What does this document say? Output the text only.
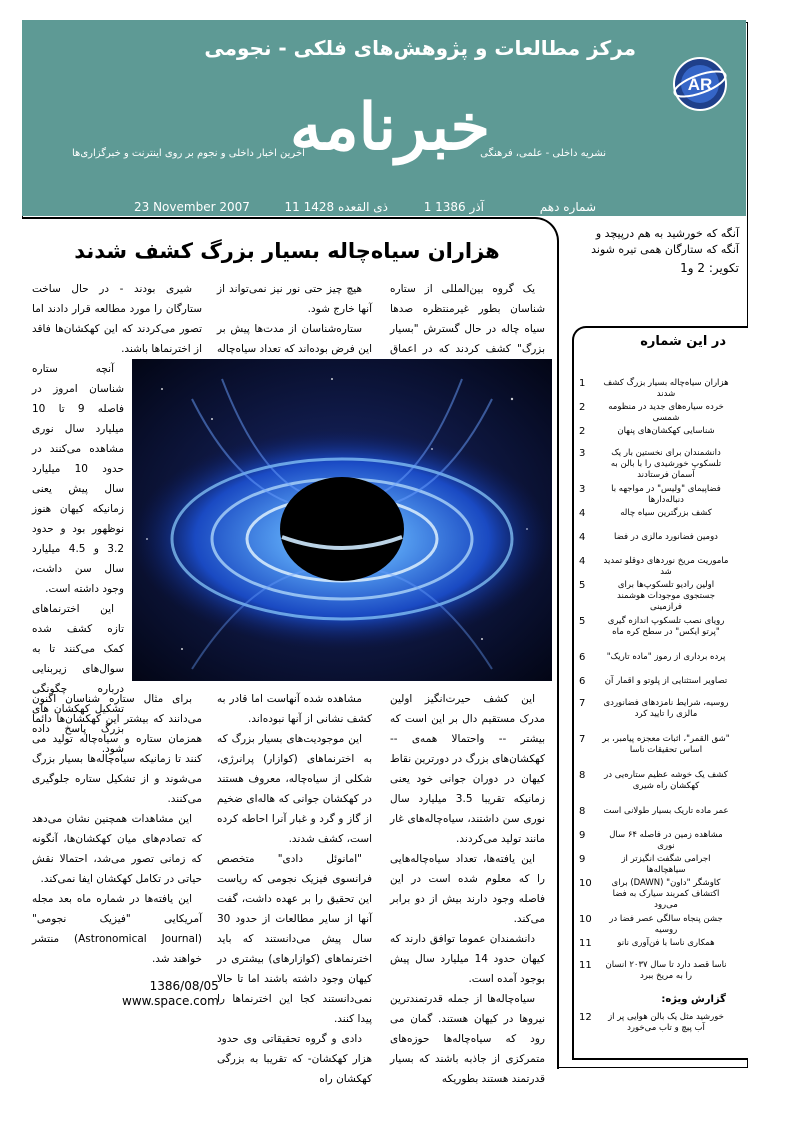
AR
مرکز مطالعات و پژوهش‌های فلکی - نجومی
خبرنامه
نشریه داخلی - علمی، فرهنگی
آخرین اخبار داخلی و نجوم بر روی اینترنت و خبرگزاری‌ها
شماره دهم
1 آذر 1386
11 ذی القعده 1428
23 November 2007
آنگه که خورشید به هم درپیچد و
آنگه که ستارگان همی تیره شوند
تکویر: 2 و1
هزاران سیاه‌چاله بسیار بزرگ کشف شدند

یک گروه بین‌المللی از ستاره شناسان بطور غیرمنتظره صدها سیاه چاله در حال گسترش "بسیار بزرگ" کشف کردند که در اعماق

هیچ چیز حتی نور نیز نمی‌تواند از آنها خارج شود.

ستاره‌شناسان از مدت‌ها پیش بر این فرض بوده‌اند که تعداد سیاه‌چاله

شیری بودند - در حال ساخت ستارگان را مورد مطالعه قرار دادند اما تصور می‌کردند که این کهکشان‌ها فاقد از اخترنماها باشند.

آنچه ستاره شناسان امروز در فاصله 9 تا 10 میلیارد سال نوری مشاهده می‌کنند در حدود 10 میلیارد سال پیش یعنی زمانیکه کیهان هنوز نوظهور بود و حدود 3.2 و 4.5 میلیارد سال سن داشت، وجود داشته است.

این اخترنماهای تازه کشف شده کمک می‌کنند تا به سوال‌های زیربنایی درباره چگونگی تشکیل کهکشان های بزرگ پاسخ داده شود.

این کشف حیرت‌انگیز اولین مدرک مستقیم دال بر این است که بیشتر -- واحتمالا همه‌ی -- کهکشان‌های بزرگ در دورترین نقاط کیهان در دوران جوانی خود یعنی زمانیکه تقریبا 3.5 میلیارد سال نوری سن داشتند، سیاه‌چاله‌های غار مانند تولید می‌کردند.

این یافته‌ها، تعداد سیاه‌چاله‌هایی را که معلوم شده است در این فاصله وجود دارند بیش از دو برابر می‌کند.

دانشمندان عموما توافق دارند که کیهان حدود 14 میلیارد سال پیش بوجود آمده است.

سیاه‌چاله‌ها از جمله قدرتمندترین نیروها در کیهان هستند. گمان می رود که سیاه‌چاله‌ها حوزه‌های متمرکزی از جاذبه باشند که بسیار قدرتمند هستند بطوریکه

مشاهده شده آنهاست اما قادر به کشف نشانی از آنها نبوده‌اند.

این موجودیت‌های بسیار بزرگ که به اخترنماهای (کوازار) پرانرژی، شکلی از سیاه‌چاله، معروف هستند در کهکشان جوانی که هاله‌ای ضخیم از گاز و گرد و غبار آنرا احاطه کرده است، کشف شدند.

"امانوئل دادی" متخصص فرانسوی فیزیک نجومی که ریاست این تحقیق را بر عهده داشت، گفت آنها از سایر مطالعات از حدود 30 سال پیش می‌دانستند که باید اخترنماهای (کوازارهای) بیشتری در کیهان وجود داشته باشند اما تا حالا نمی‌دانستند کجا این اخترنماها را پیدا کنند.

دادی و گروه تحقیقاتی وی حدود هزار کهکشان- که تقریبا به بزرگی کهکشان راه

برای مثال ستاره شناسان اکنون می‌دانند که بیشتر این کهکشان‌ها دائما همزمان ستاره و سیاه‌چاله تولید می کنند تا زمانیکه سیاه‌چاله‌ها بسیار بزرگ می‌شوند و از تشکیل ستاره جلوگیری می‌کنند.

این مشاهدات همچنین نشان می‌دهد که تصادم‌های میان کهکشان‌ها، آنگونه که زمانی تصور می‌شد، احتمالا نقش حیاتی در تکامل کهکشان ایفا نمی‌کند.

این یافته‌ها در شماره ماه بعد مجله آمریکایی "فیزیک نجومی" (Astronomical Journal) منتشر خواهند شد.

1386/08/05
www.space.com
در این شماره
هزاران سیاه‌چاله بسیار بزرگ کشف شدند
1
خرده سیاره‌های جدید در منظومه شمسی
2
شناسایی کهکشان‌های پنهان
2
دانشمندان برای نخستین بار یک تلسکوپ خورشیدی را با بالن به آسمان فرستادند
3
فضاپیمای "ولیس" در مواجهه با دنباله‌دارها
3
کشف بزرگترین سیاه چاله
4
دومین فضانورد مالزی در فضا
4
ماموریت مریخ نوردهای دوقلو تمدید شد
4
اولین رادیو تلسکوپ‌ها برای جستجوی موجودات هوشمند فرازمینی
5
رویای نصب تلسکوپ اندازه گیری "پرتو ایکس" در سطح کره ماه
5
پرده برداری از رموز "ماده تاریک"
6
تصاویر استثنایی از پلوتو و اقمار آن
6
روسیه، شرایط نامزدهای فضانوردی مالزی را تایید کرد
7
"شق القمر"، اثبات معجزه پیامبر، بر اساس تحقیقات ناسا
7
کشف یک خوشه عظیم ستاره‌یی در کهکشان راه شیری
8
عمر ماده تاریک بسیار طولانی است
8
مشاهده زمین در فاصله ۶۴ سال نوری
9
اجرامی شگفت انگیزتر از سیاهچاله‌ها
9
کاوشگر "داون" (DAWN) برای اکتشاف کمربند سیارک به فضا می‌رود
10
جشن پنجاه سالگی عصر فضا در روسیه
10
همکاری ناسا با فن‌آوری نانو
11
ناسا قصد دارد تا سال ۲۰۳۷ انسان را به مریخ ببرد
11
گزارش ویژه:
خورشید مثل یک بالن هوایی پر از آب پیچ و تاب می‌خورد
12
